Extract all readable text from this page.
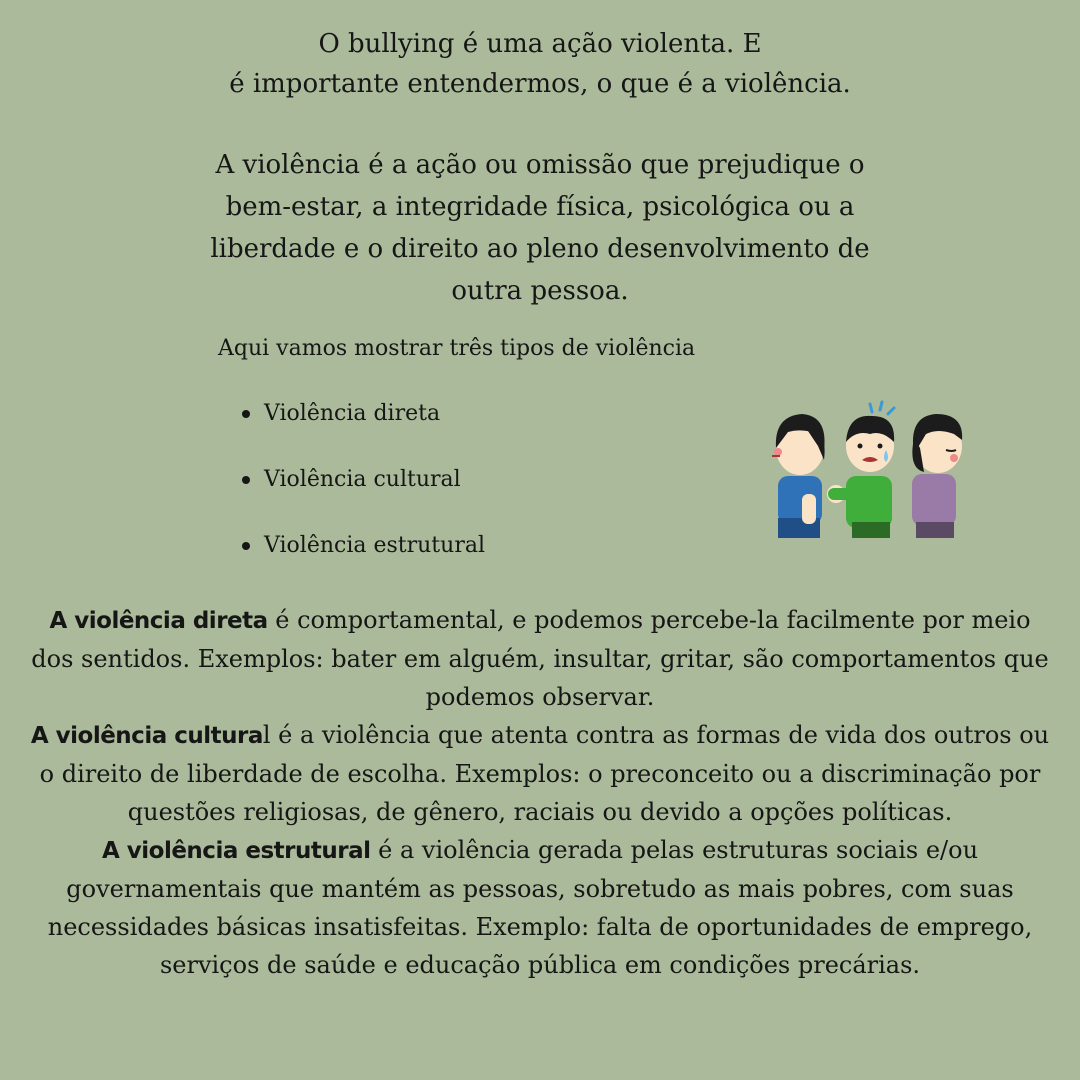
O bullying é uma ação violenta. E

é importante entendermos, o que é a violência.

A violência é a ação ou omissão que prejudique o bem-estar, a integridade física, psicológica ou a liberdade e o direito ao pleno desenvolvimento de outra pessoa.
Aqui vamos mostrar três tipos de violência
Violência direta
Violência cultural
Violência estrutural

A violência direta é comportamental, e podemos percebe-la facilmente por meio dos sentidos. Exemplos: bater em alguém, insultar, gritar, são comportamentos que podemos observar.

A violência cultural é a violência que atenta contra as formas de vida dos outros ou o direito de liberdade de escolha. Exemplos: o preconceito ou a discriminação por questões religiosas, de gênero, raciais ou devido a opções políticas.

A violência estrutural é a violência gerada pelas estruturas sociais e/ou governamentais que mantém as pessoas, sobretudo as mais pobres, com suas necessidades básicas insatisfeitas. Exemplo: falta de oportunidades de emprego, serviços de saúde e educação pública em condições precárias.
